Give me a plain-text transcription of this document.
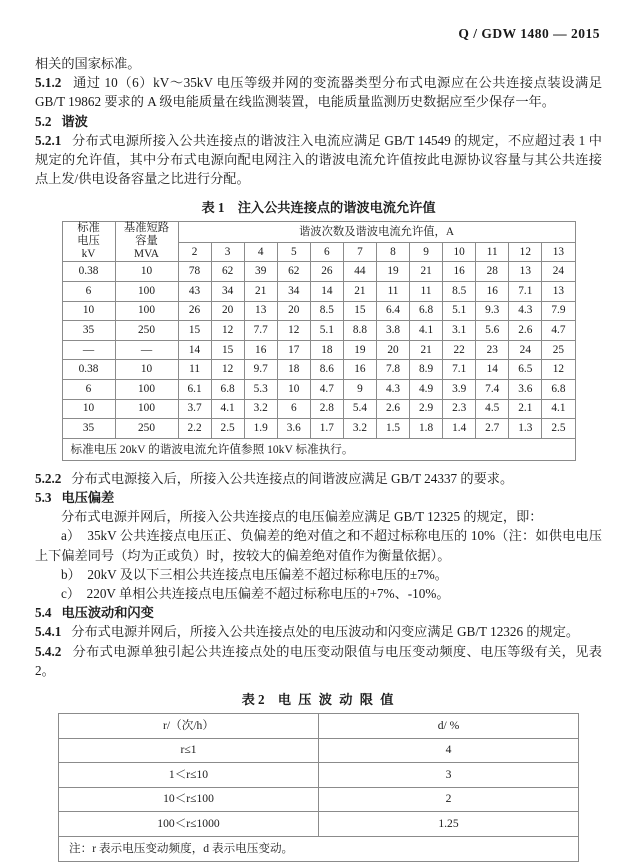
Q / GDW 1480 — 2015

相关的国家标准。

5.1.2 通过 10（6）kV～35kV 电压等级并网的变流器类型分布式电源应在公共连接点装设满足 GB/T 19862 要求的 A 级电能质量在线监测装置，电能质量监测历史数据应至少保存一年。

5.2 谐波

5.2.1 分布式电源所接入公共连接点的谐波注入电流应满足 GB/T 14549 的规定，不应超过表 1 中规定的允许值，其中分布式电源向配电网注入的谐波电流允许值按此电源协议容量与其公共连接点上发/供电设备容量之比进行分配。

表 1 注入公共连接点的谐波电流允许值
标准
电压
kV

基准短路
容量
MVA
	谐波次数及谐波电流允许值，A
		2	3	4	5	6	7	8	9	10	11	12	13
0.38	10	78	62	39	62	26	44	19	21	16	28	13	24
6	100	43	34	21	34	14	21	11	11	8.5	16	7.1	13
10	100	26	20	13	20	8.5	15	6.4	6.8	5.1	9.3	4.3	7.9
35	250	15	12	7.7	12	5.1	8.8	3.8	4.1	3.1	5.6	2.6	4.7
—	—	14	15	16	17	18	19	20	21	22	23	24	25
0.38	10	11	12	9.7	18	8.6	16	7.8	8.9	7.1	14	6.5	12
6	100	6.1	6.8	5.3	10	4.7	9	4.3	4.9	3.9	7.4	3.6	6.8
10	100	3.7	4.1	3.2	6	2.8	5.4	2.6	2.9	2.3	4.5	2.1	4.1
35	250	2.2	2.5	1.9	3.6	1.7	3.2	1.5	1.8	1.4	2.7	1.3	2.5
标准电压 20kV 的谐波电流允许值参照 10kV 标准执行。													

5.2.2 分布式电源接入后，所接入公共连接点的间谐波应满足 GB/T 24337 的要求。

5.3 电压偏差

分布式电源并网后，所接入公共连接点的电压偏差应满足 GB/T 12325 的规定，即：

a） 35kV 公共连接点电压正、负偏差的绝对值之和不超过标称电压的 10%（注：如供电电压上下偏差同号（均为正或负）时，按较大的偏差绝对值作为衡量依据）。

b） 20kV 及以下三相公共连接点电压偏差不超过标称电压的±7%。

c） 220V 单相公共连接点电压偏差不超过标称电压的+7%、-10%。

5.4 电压波动和闪变

5.4.1 分布式电源并网后，所接入公共连接点处的电压波动和闪变应满足 GB/T 12326 的规定。

5.4.2 分布式电源单独引起公共连接点处的电压变动限值与电压变动频度、电压等级有关，见表 2。

表 2 电 压 波 动 限 值
r/（次/h）	d/ %
r≤1	4
1＜r≤10	3
10＜r≤100	2
100＜r≤1000	1.25
注：r 表示电压变动频度，d 表示电压变动。	
